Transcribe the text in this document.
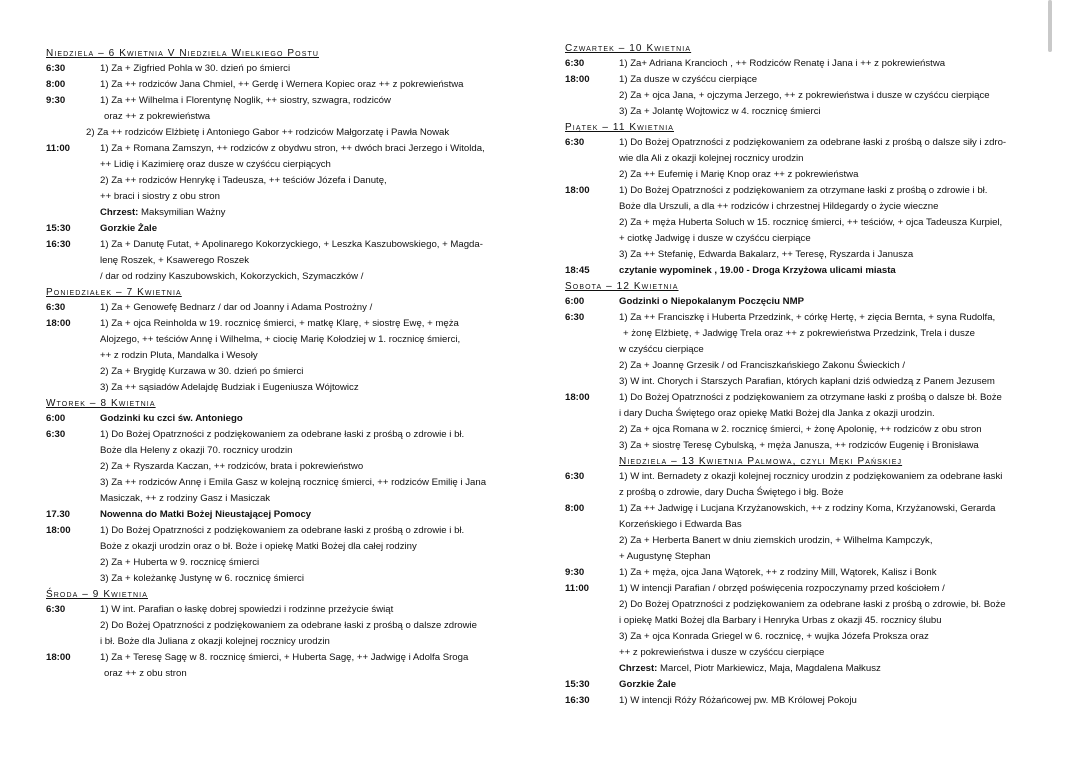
Niedziela – 6 Kwietnia V Niedziela Wielkiego Postu
6:30	1) Za + Zigfried Pohla w 30. dzień po śmierci
8:00	1) Za ++ rodziców Jana Chmiel, ++ Gerdę i Wernera Kopiec oraz ++ z pokrewieństwa
9:30	1) Za ++ Wilhelma i Florentynę Noglik, ++ siostry, szwagra, rodziców
oraz ++ z pokrewieństwa
2) Za ++ rodziców Elżbietę i Antoniego Gabor ++ rodziców Małgorzatę i Pawła Nowak
11:00	1) Za + Romana Zamszyn, ++ rodziców z obydwu stron, ++ dwóch braci Jerzego i Witolda,
++ Lidię i Kazimierę oraz dusze w czyśćcu cierpiących
2) Za ++ rodziców Henrykę i Tadeusza, ++ teściów Józefa i Danutę,
++ braci i siostry z obu stron
Chrzest: Maksymilian Ważny
15:30	Gorzkie Żale
16:30	1) Za + Danutę Futat, + Apolinarego Kokorzyckiego, + Leszka Kaszubowskiego, + Magda-
lenę Roszek, + Ksawerego Roszek
/ dar od rodziny Kaszubowskich, Kokorzyckich, Szymaczków /
Poniedziałek – 7 Kwietnia
6:30	1) Za + Genowefę Bednarz / dar od Joanny i Adama Postrożny /
18:00	1) Za + ojca Reinholda w 19. rocznicę śmierci, + matkę Klarę, + siostrę Ewę, + męża
Alojzego, ++ teściów Annę i Wilhelma, + ciocię Marię Kołodziej w 1. rocznicę śmierci,
++ z rodzin Pluta, Mandalka i Wesoły
2) Za + Brygidę Kurzawa w 30. dzień po śmierci
3) Za ++ sąsiadów Adelajdę Budziak i Eugeniusza Wójtowicz
Wtorek – 8 Kwietnia
6:00	Godzinki ku czci św. Antoniego
6:30	1) Do Bożej Opatrzności z podziękowaniem za odebrane łaski z prośbą o zdrowie i bł.
Boże dla Heleny z okazji 70. rocznicy urodzin
2) Za + Ryszarda Kaczan, ++ rodziców, brata i pokrewieństwo
3) Za ++ rodziców Annę i Emila Gasz w kolejną rocznicę śmierci, ++ rodziców Emilię i Jana
Masiczak, ++ z rodziny Gasz i Masiczak
17.30	Nowenna do Matki Bożej Nieustającej Pomocy
18:00	1) Do Bożej Opatrzności z podziękowaniem za odebrane łaski z prośbą o zdrowie i bł.
Boże z okazji urodzin oraz o bł. Boże i opiekę Matki Bożej dla całej rodziny
2) Za + Huberta w 9. rocznicę śmierci
3) Za + koleżankę Justynę w 6. rocznicę śmierci
Środa – 9 Kwietnia
6:30	1) W int. Parafian o łaskę dobrej spowiedzi i rodzinne przeżycie świąt
2) Do Bożej Opatrzności z podziękowaniem za odebrane łaski z prośbą o dalsze zdrowie
i bł. Boże dla Juliana z okazji kolejnej rocznicy urodzin
18:00	1) Za + Teresę Sagę w 8. rocznicę śmierci, + Huberta Sagę, ++ Jadwigę i Adolfa Sroga
oraz ++ z obu stron
Czwartek – 10 Kwietnia
6:30	1) Za+ Adriana Krancioch , ++ Rodziców Renatę i Jana i ++ z pokrewieństwa
18:00	1) Za dusze w czyśćcu cierpiące
2) Za + ojca Jana, + ojczyma Jerzego, ++ z pokrewieństwa i dusze w czyśćcu cierpiące
3) Za + Jolantę Wojtowicz w 4. rocznicę śmierci
Piątek – 11 Kwietnia
6:30	1) Do Bożej Opatrzności z podziękowaniem za odebrane łaski z prośbą o dalsze siły i zdro-
wie dla Ali z okazji kolejnej rocznicy urodzin
2) Za ++ Eufemię i Marię Knop oraz ++ z pokrewieństwa
18:00	1) Do Bożej Opatrzności z podziękowaniem za otrzymane łaski z prośbą o zdrowie i bł.
Boże dla Urszuli, a dla ++ rodziców i chrzestnej Hildegardy o życie wieczne
2) Za + męża Huberta Soluch w 15. rocznicę śmierci, ++ teściów, + ojca Tadeusza Kurpiel,
+ ciotkę Jadwigę i dusze w czyśćcu cierpiące
3) Za ++ Stefanię, Edwarda Bakalarz, ++ Teresę, Ryszarda i Janusza
18:45	czytanie wypominek , 19.00 - Droga Krzyżowa ulicami miasta
Sobota – 12 Kwietnia
6:00	Godzinki o Niepokalanym Poczęciu NMP
6:30	1) Za ++ Franciszkę i Huberta Przedzink, + córkę Hertę, + zięcia Bernta, + syna Rudolfa,
+ żonę Elżbietę, + Jadwigę Trela oraz ++ z pokrewieństwa Przedzink, Trela i dusze
w czyśćcu cierpiące
2) Za + Joannę Grzesik / od Franciszkańskiego Zakonu Świeckich /
3) W int. Chorych i Starszych Parafian, których kapłani dziś odwiedzą z Panem Jezusem
18:00	1) Do Bożej Opatrzności z podziękowaniem za otrzymane łaski z prośbą o dalsze bł. Boże
i dary Ducha Świętego oraz opiekę Matki Bożej dla Janka z okazji urodzin.
2) Za + ojca Romana w 2. rocznicę śmierci, + żonę Apolonię, ++ rodziców z obu stron
3) Za + siostrę Teresę Cybulską, + męża Janusza, ++ rodziców Eugenię i Bronisława
Niedziela – 13 Kwietnia Palmowa, czyli Męki Pańskiej
6:30	1) W int. Bernadety z okazji kolejnej rocznicy urodzin z podziękowaniem za odebrane łaski
z prośbą o zdrowie, dary Ducha Świętego i błg. Boże
8:00	1) Za ++ Jadwigę i Lucjana Krzyżanowskich, ++ z rodziny Koma, Krzyżanowski, Gerarda
Korzeńskiego i Edwarda Bas
2) Za + Herberta Banert w dniu ziemskich urodzin, + Wilhelma Kampczyk,
+ Augustynę Stephan
9:30	1) Za + męża, ojca Jana Wątorek, ++ z rodziny Mill, Wątorek, Kalisz i Bonk
11:00	1) W intencji Parafian / obrzęd poświęcenia rozpoczynamy przed kościołem /
2) Do Bożej Opatrzności z podziękowaniem za odebrane łaski z prośbą o zdrowie, bł. Boże
i opiekę Matki Bożej dla Barbary i Henryka Urbas z okazji 45. rocznicy ślubu
3) Za + ojca Konrada Griegel w 6. rocznicę, + wujka Józefa Proksza oraz
++ z pokrewieństwa i dusze w czyśćcu cierpiące
Chrzest: Marcel, Piotr Markiewicz, Maja, Magdalena Małkusz
15:30	Gorzkie Żale
16:30	1) W intencji Róży Różańcowej pw. MB Królowej Pokoju
